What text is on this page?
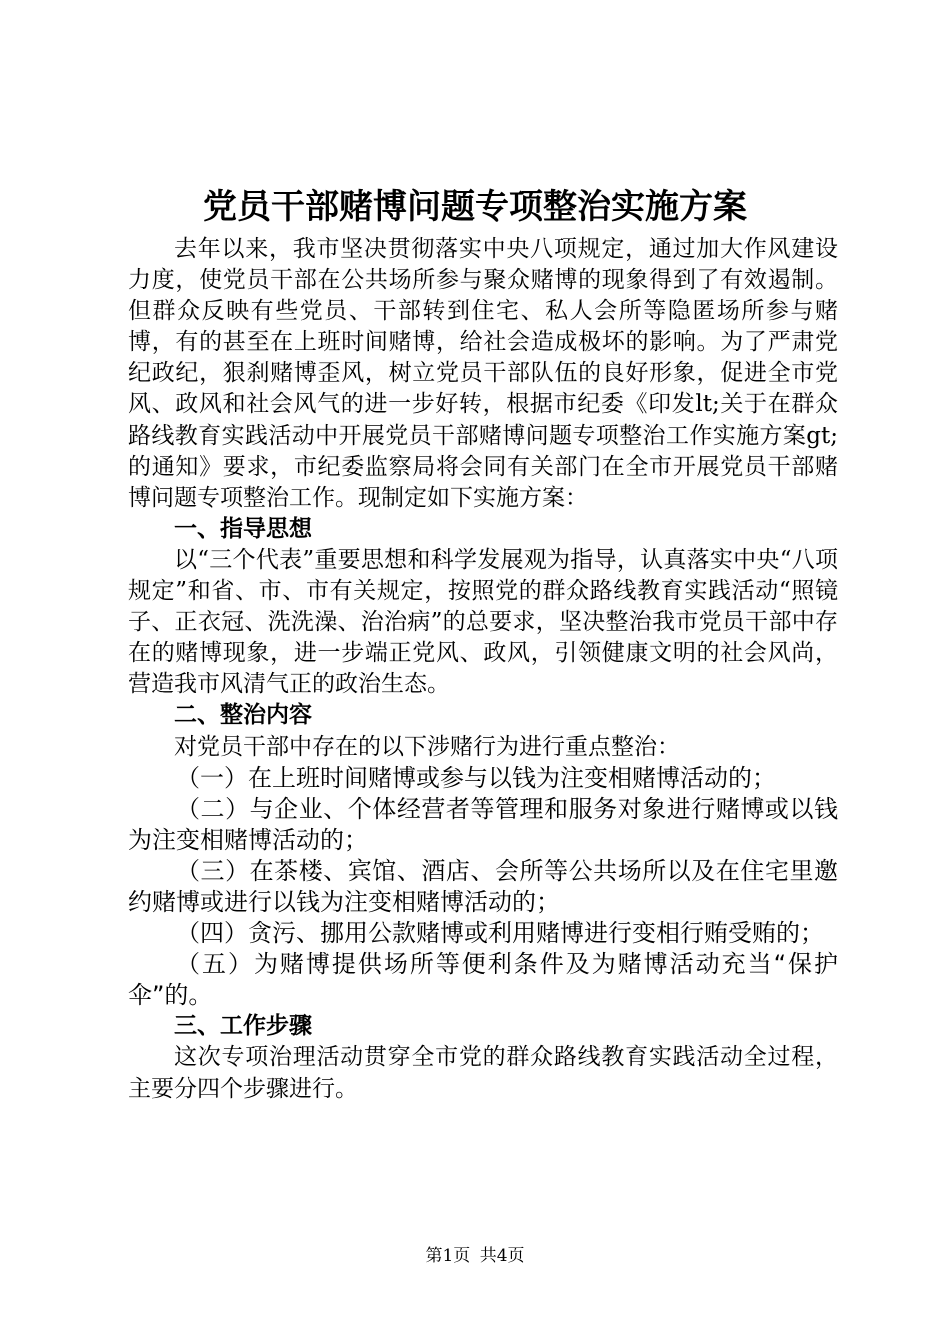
党员干部赌博问题专项整治实施方案

去年以来，我市坚决贯彻落实中央八项规定，通过加大作风建设力度，使党员干部在公共场所参与聚众赌博的现象得到了有效遏制。但群众反映有些党员、干部转到住宅、私人会所等隐匿场所参与赌博，有的甚至在上班时间赌博，给社会造成极坏的影响。为了严肃党纪政纪，狠刹赌博歪风，树立党员干部队伍的良好形象，促进全市党风、政风和社会风气的进一步好转，根据市纪委《印发lt;关于在群众路线教育实践活动中开展党员干部赌博问题专项整治工作实施方案gt;的通知》要求，市纪委监察局将会同有关部门在全市开展党员干部赌博问题专项整治工作。现制定如下实施方案：

一、指导思想

以“三个代表”重要思想和科学发展观为指导，认真落实中央“八项规定”和省、市、市有关规定，按照党的群众路线教育实践活动“照镜子、正衣冠、洗洗澡、治治病”的总要求，坚决整治我市党员干部中存在的赌博现象，进一步端正党风、政风，引领健康文明的社会风尚，营造我市风清气正的政治生态。

二、整治内容

对党员干部中存在的以下涉赌行为进行重点整治：

（一）在上班时间赌博或参与以钱为注变相赌博活动的；

（二）与企业、个体经营者等管理和服务对象进行赌博或以钱为注变相赌博活动的；

（三）在茶楼、宾馆、酒店、会所等公共场所以及在住宅里邀约赌博或进行以钱为注变相赌博活动的；

（四）贪污、挪用公款赌博或利用赌博进行变相行贿受贿的；

（五）为赌博提供场所等便利条件及为赌博活动充当“保护伞”的。

三、工作步骤

这次专项治理活动贯穿全市党的群众路线教育实践活动全过程，主要分四个步骤进行。

第1页 共4页
